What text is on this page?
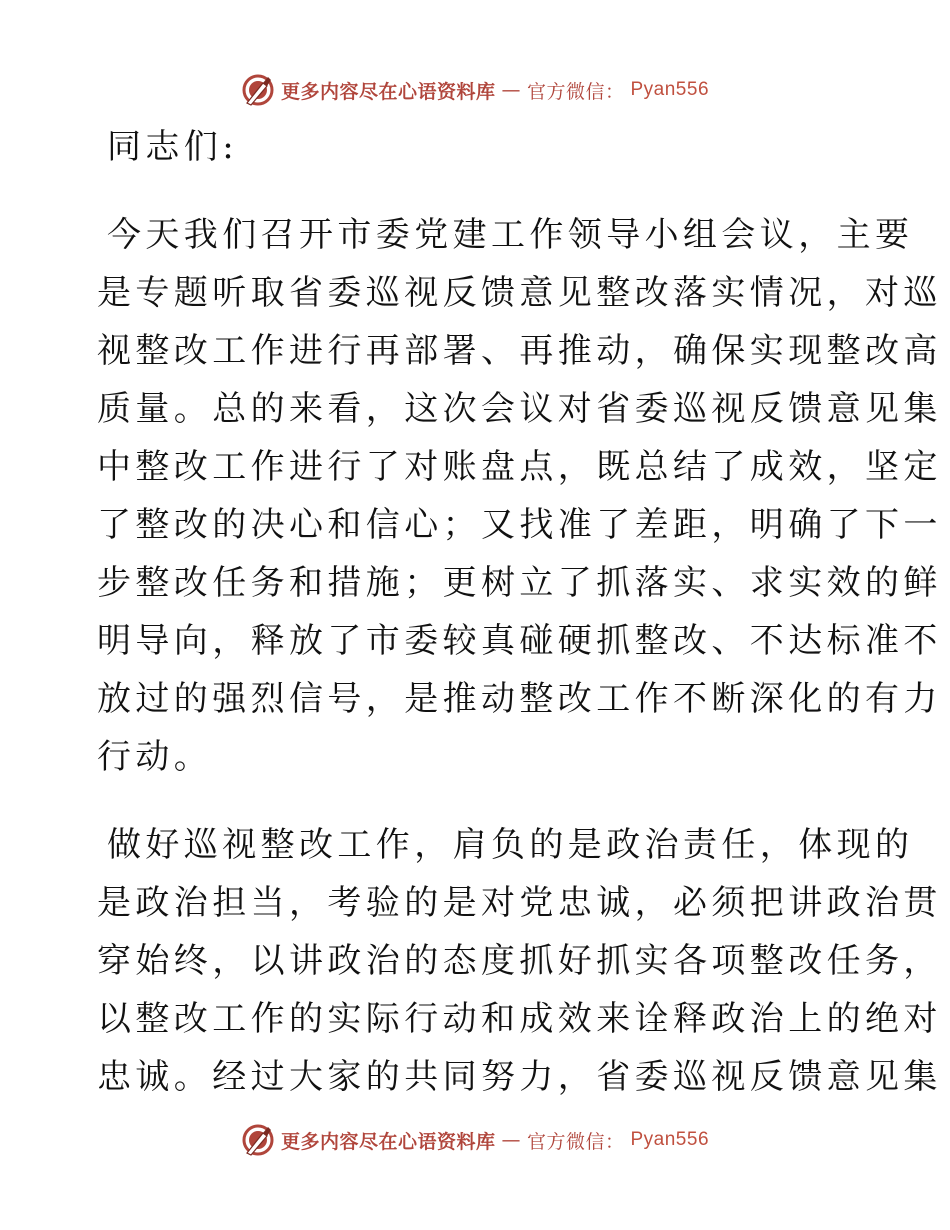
更多内容尽在心语资料库 — 官方微信： Pyan556
同志们:
今天我们召开市委党建工作领导小组会议，主要
是专题听取省委巡视反馈意见整改落实情况，对巡
视整改工作进行再部署、再推动，确保实现整改高
质量。总的来看，这次会议对省委巡视反馈意见集
中整改工作进行了对账盘点，既总结了成效，坚定
了整改的决心和信心；又找准了差距，明确了下一
步整改任务和措施；更树立了抓落实、求实效的鲜
明导向，释放了市委较真碰硬抓整改、不达标准不
放过的强烈信号，是推动整改工作不断深化的有力
行动。
做好巡视整改工作，肩负的是政治责任，体现的
是政治担当，考验的是对党忠诚，必须把讲政治贯
穿始终，以讲政治的态度抓好抓实各项整改任务，
以整改工作的实际行动和成效来诠释政治上的绝对
忠诚。经过大家的共同努力，省委巡视反馈意见集
更多内容尽在心语资料库 — 官方微信： Pyan556
